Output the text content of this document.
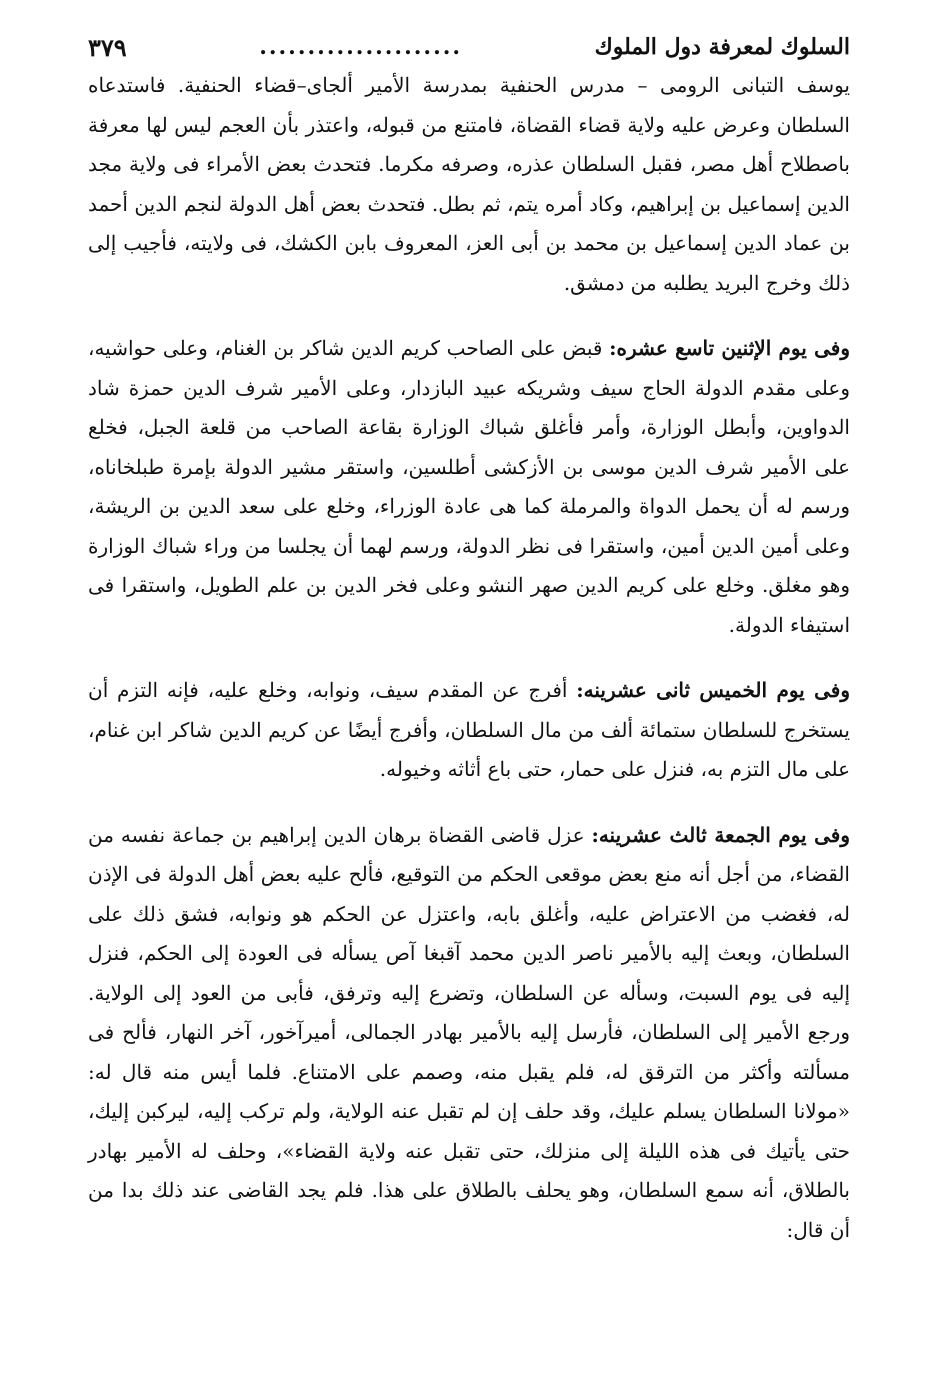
السلوك لمعرفة دول الملوك
.....................
٣٧٩

يوسف التبانى الرومى – مدرس الحنفية بمدرسة الأمير ألجاى–قضاء الحنفية. فاستدعاه السلطان وعرض عليه ولاية قضاء القضاة، فامتنع من قبوله، واعتذر بأن العجم ليس لها معرفة باصطلاح أهل مصر، فقبل السلطان عذره، وصرفه مكرما. فتحدث بعض الأمراء فى ولاية مجد الدين إسماعيل بن إبراهيم، وكاد أمره يتم، ثم بطل. فتحدث بعض أهل الدولة لنجم الدين أحمد بن عماد الدين إسماعيل بن محمد بن أبى العز، المعروف بابن الكشك، فى ولايته، فأجيب إلى ذلك وخرج البريد يطلبه من دمشق.

وفى يوم الإثنين تاسع عشره: قبض على الصاحب كريم الدين شاكر بن الغنام، وعلى حواشيه، وعلى مقدم الدولة الحاج سيف وشريكه عبيد البازدار، وعلى الأمير شرف الدين حمزة شاد الدواوين، وأبطل الوزارة، وأمر فأغلق شباك الوزارة بقاعة الصاحب من قلعة الجبل، فخلع على الأمير شرف الدين موسى بن الأزكشى أطلسين، واستقر مشير الدولة بإمرة طبلخاناه، ورسم له أن يحمل الدواة والمرملة كما هى عادة الوزراء، وخلع على سعد الدين بن الريشة، وعلى أمين الدين أمين، واستقرا فى نظر الدولة، ورسم لهما أن يجلسا من وراء شباك الوزارة وهو مغلق. وخلع على كريم الدين صهر النشو وعلى فخر الدين بن علم الطويل، واستقرا فى استيفاء الدولة.

وفى يوم الخميس ثانى عشرينه: أفرج عن المقدم سيف، ونوابه، وخلع عليه، فإنه التزم أن يستخرج للسلطان ستمائة ألف من مال السلطان، وأفرج أيضًا عن كريم الدين شاكر ابن غنام، على مال التزم به، فنزل على حمار، حتى باع أثاثه وخيوله.

وفى يوم الجمعة ثالث عشرينه: عزل قاضى القضاة برهان الدين إبراهيم بن جماعة نفسه من القضاء، من أجل أنه منع بعض موقعى الحكم من التوقيع، فألح عليه بعض أهل الدولة فى الإذن له، فغضب من الاعتراض عليه، وأغلق بابه، واعتزل عن الحكم هو ونوابه، فشق ذلك على السلطان، وبعث إليه بالأمير ناصر الدين محمد آقبغا آص يسأله فى العودة إلى الحكم، فنزل إليه فى يوم السبت، وسأله عن السلطان، وتضرع إليه وترفق، فأبى من العود إلى الولاية. ورجع الأمير إلى السلطان، فأرسل إليه بالأمير بهادر الجمالى، أميرآخور، آخر النهار، فألح فى مسألته وأكثر من الترقق له، فلم يقبل منه، وصمم على الامتناع. فلما أيس منه قال له: «مولانا السلطان يسلم عليك، وقد حلف إن لم تقبل عنه الولاية، ولم تركب إليه، ليركبن إليك، حتى يأتيك فى هذه الليلة إلى منزلك، حتى تقبل عنه ولاية القضاء»، وحلف له الأمير بهادر بالطلاق، أنه سمع السلطان، وهو يحلف بالطلاق على هذا. فلم يجد القاضى عند ذلك بدا من أن قال:
